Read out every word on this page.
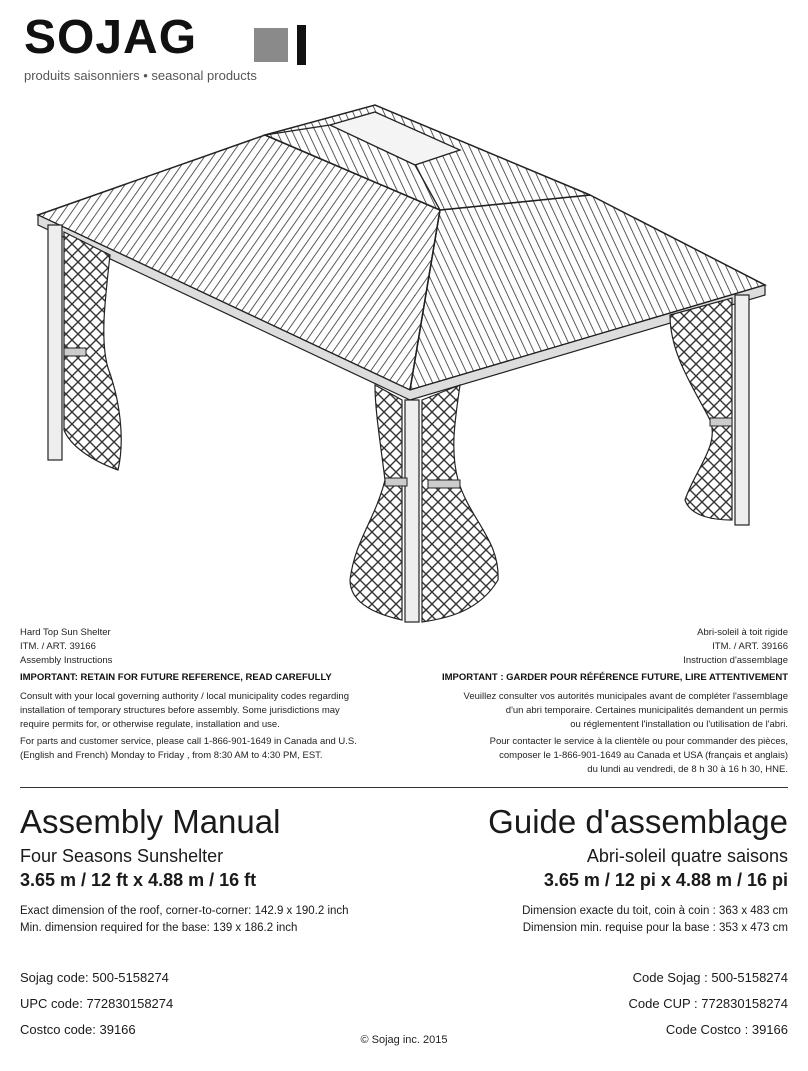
SOJAG
produits saisonniers • seasonal products
Hard Top Sun Shelter
ITM. / ART. 39166
Assembly Instructions
Abri-soleil à toit rigide
ITM. / ART. 39166
Instruction d'assemblage
IMPORTANT: RETAIN FOR FUTURE REFERENCE, READ CAREFULLY	IMPORTANT : GARDER POUR RÉFÉRENCE FUTURE, LIRE ATTENTIVEMENT
Consult with your local governing authority / local municipality codes regarding
installation of temporary structures before assembly. Some jurisdictions may
require permits for, or otherwise regulate, installation and use.
Veuillez consulter vos autorités municipales avant de compléter l'assemblage
d'un abri temporaire. Certaines municipalités demandent un permis
ou réglementent l'installation ou l'utilisation de l'abri.
For parts and customer service, please call 1-866-901-1649 in Canada and U.S.
(English and French) Monday to Friday , from 8:30 AM to 4:30 PM, EST.
Pour contacter le service à la clientèle ou pour commander des pièces,
composer le 1-866-901-1649 au Canada et USA (français et anglais)
du lundi au vendredi, de 8 h 30 à 16 h 30, HNE.
Assembly Manual	Guide d'assemblage
Four Seasons Sunshelter	Abri-soleil quatre saisons
3.65 m / 12 ft x 4.88 m / 16 ft	3.65 m / 12 pi x 4.88 m / 16 pi
Exact dimension of the roof, corner-to-corner: 142.9 x 190.2 inch
Min. dimension required for the base: 139 x 186.2 inch
Dimension exacte du toit, coin à coin : 363 x 483 cm
Dimension min. requise pour la base : 353 x 473 cm
Sojag code: 500-5158274	Code Sojag : 500-5158274
UPC code: 772830158274	Code CUP : 772830158274
Costco code: 39166	Code Costco : 39166
© Sojag inc. 2015
